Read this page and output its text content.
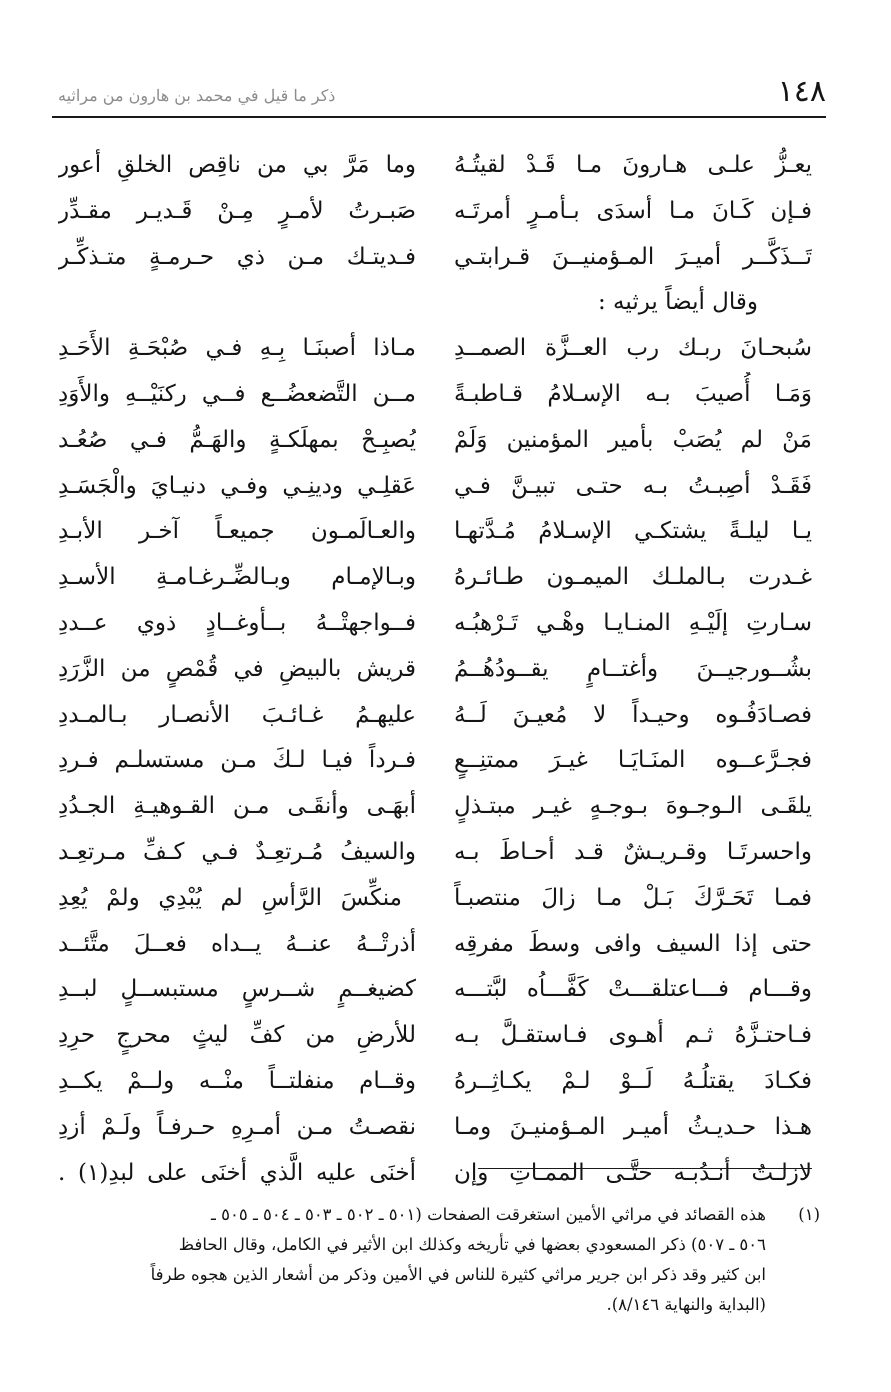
١٤٨
ذكر ما قيل في محمد بن هارون من مراثيه
يعـزُّ علـى هـارونَ مـا قَـدْ لقيتُـهُ
فـإن كَـانَ مـا أسدَى بـأمـرٍ أمرتَـه
تَــذَكَّــر أميـرَ المـؤمنيــنَ قـرابتـي
وقال أيضاً يرثيه :
سُبحـانَ ربـك رب العــزَّة الصمــدِ
وَمَـا أُصيبَ بـه الإسـلامُ قـاطبـةً
مَنْ لم يُصَبْ بأمير المؤمنين وَلَمْ
فَقَـدْ أصِبـتُ بـه حتـى تبيـنَّ فـي
يـا ليلـةً يشتكـي الإسـلامُ مُـدَّتهـا
غـدرت بـالملـك الميمـون طـائـرهُ
سـارتِ إلَيْـهِ المنـايـا وهْـي تَـرْهبُـه
بشُــورجيــنَ وأغتــامٍ يقــودُهُــمُ
فصـادَفُـوه وحيـداً لا مُعيـنَ لَــهُ
فجـرَّعــوه المنَـايَـا غيـرَ ممتنِــعٍ
يلقَـى الـوجـوهَ بـوجـهٍ غيـر مبتـذلٍ
واحسرتَـا وقـريـشٌ قـد أحـاطَ بـه
فمـا تَحَـرَّكَ بَـلْ مـا زالَ منتصبـاً
حتى إذا السيف وافى وسطَ مفرقِه
وقـــام فـــاعتلقـــتْ كَفَّـــاُه لبَّتـــه
فـاحتـزَّهُ ثـم أهـوى فـاستقـلَّ بـه
فكـادَ يقتلُـهُ لَــوْ لـمْ يكـاثِــرهُ
هـذا حـديـثُ أميـر المـؤمنيـنَ ومـا
لازلـتُ أنـدُبـه حتَّـى الممـاتِ وإن
وما مَرَّ بي من ناقِص الخلقِ أعور
صَبـرتُ لأمـرٍ مِـنْ قَـديـر مقـدِّر
فـديتـك مـن ذي حـرمـةٍ متـذكِّـر
مـاذا أصبنَـا بِـهِ فـي صُبْحَـةِ الأَحَـدِ
مــن التَّضعضُــع فــي ركنَيْــهِ والأَوَدِ
يُصبِـحْ بمهلَكـةٍ والهَـمُّ فـي صُعُـد
عَقلِـي ودينِـي وفـي دنيـايَ والْجَسَـدِ
والعـالَمـون جميعـاً آخـر الأبـدِ
وبـالإمـام وبـالضِّـرغـامـةِ الأسـدِ
فــواجهتْــهُ بــأوغــادٍ ذوي عــددِ
قريش بالبيضِ في قُمْصٍ من الزَّرَدِ
عليهـمُ غـائـبَ الأنصـار بـالمـددِ
فـرداً فيـا لـكَ مـن مستسلـم فـردِ
أبهَـى وأنقَـى مـن القـوهيـةِ الجـدُدِ
والسيفُ مُـرتعِـدٌ فـي كـفِّ مـرتعِـد
منكِّسَ الرَّأسِ لم يُبْدِي ولمْ يُعِدِ
أذرتْــهُ عنــهُ يــداه فعــلَ متَّئــد
كضيغــمٍ شــرسٍ مستبســلٍ لبــدِ
للأرضِ من كفِّ ليثٍ محرجٍ حرِدِ
وقــام منفلتــاً منْــه ولــمْ يكــدِ
نقصـتُ مـن أمـرِهِ حـرفـاً ولَـمْ أزدِ
أخنَى عليه الَّذي أخنَى على لبدِ(١) .
(١)
هذه القصائد في مراثي الأمين استغرقت الصفحات (٥٠١ ـ ٥٠٢ ـ ٥٠٣ ـ ٥٠٤ ـ ٥٠٥ ـ
٥٠٦ ـ ٥٠٧) ذكر المسعودي بعضها في تأريخه وكذلك ابن الأثير في الكامل، وقال الحافظ
ابن كثير وقد ذكر ابن جرير مراثي كثيرة للناس في الأمين وذكر من أشعار الذين هجوه طرفاً
(البداية والنهاية ٨/١٤٦).
